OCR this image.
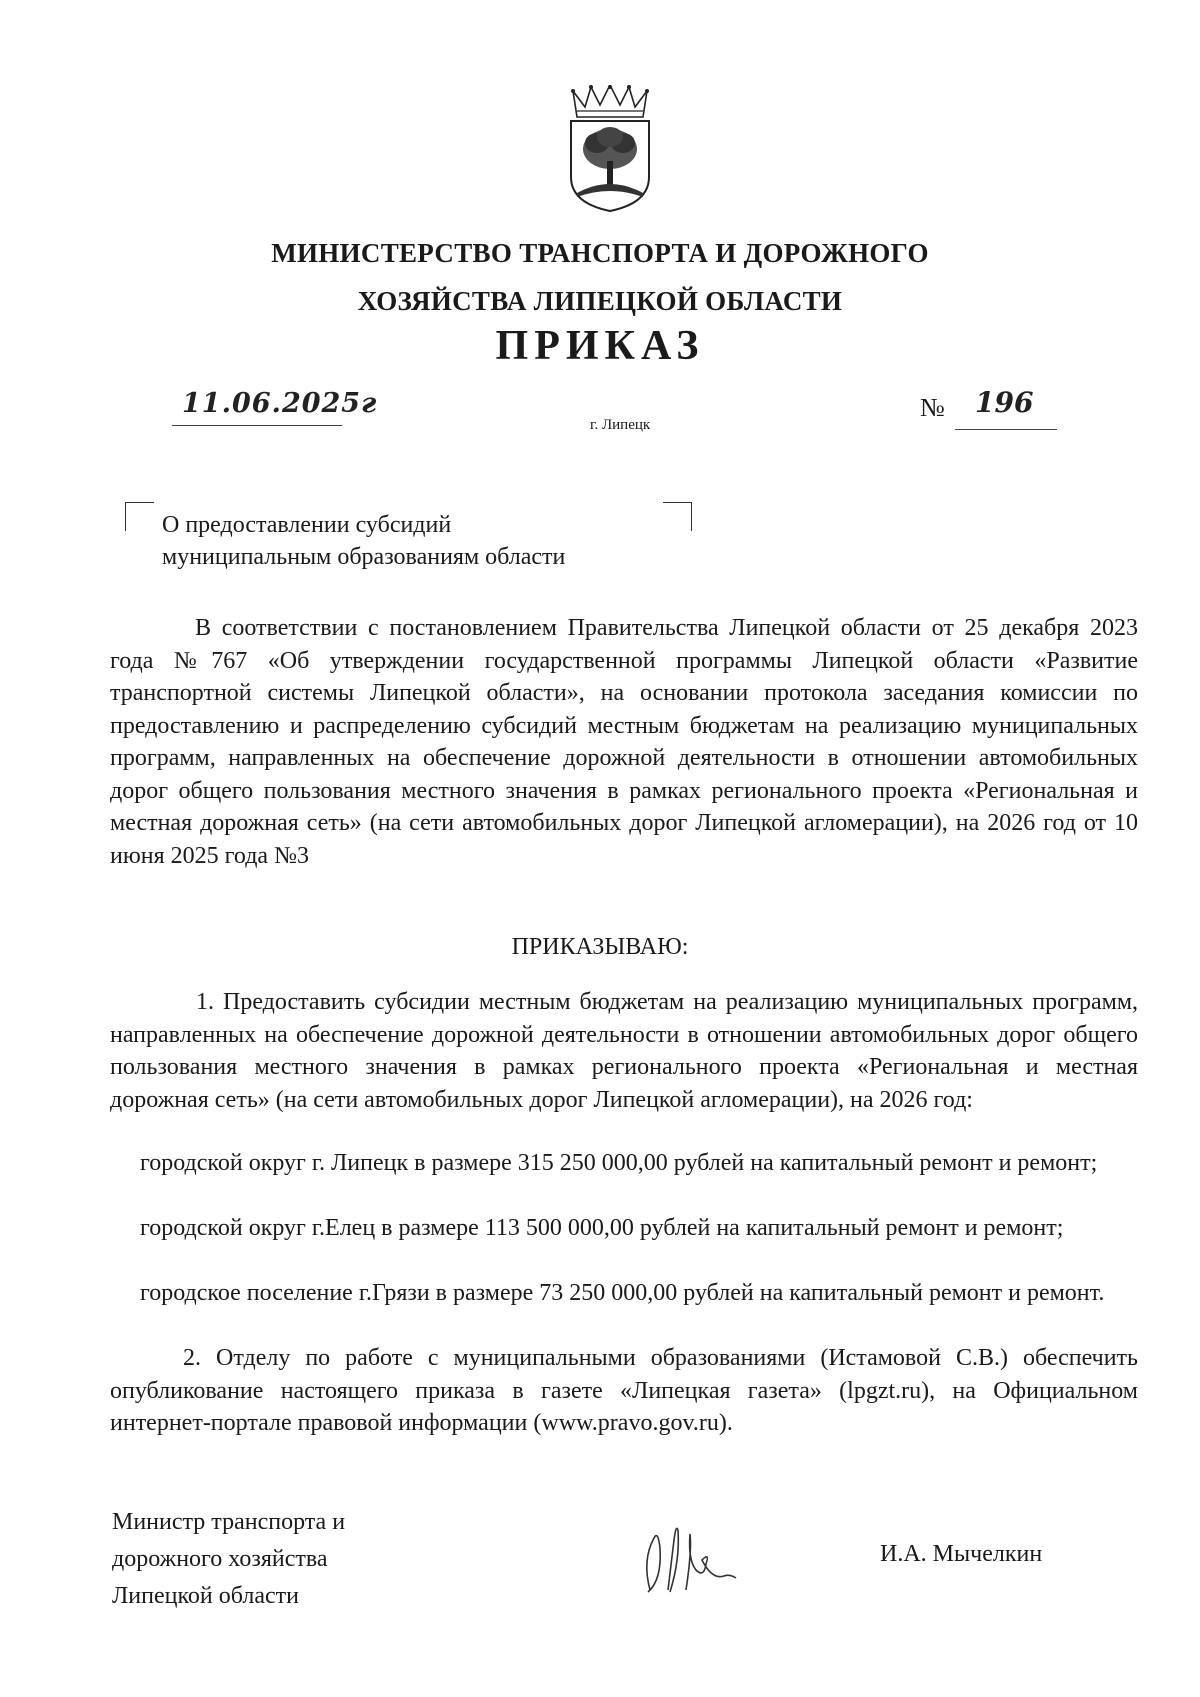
МИНИСТЕРСТВО ТРАНСПОРТА И ДОРОЖНОГО
ХОЗЯЙСТВА ЛИПЕЦКОЙ ОБЛАСТИ
ПРИКАЗ
11.06.2025г
г. Липецк
№ 196
О предоставлении субсидий
муниципальным образованиям области
В соответствии с постановлением Правительства Липецкой области от 25 декабря 2023 года №767 «Об утверждении государственной программы Липецкой области «Развитие транспортной системы Липецкой области», на основании протокола заседания комиссии по предоставлению и распределению субсидий местным бюджетам на реализацию муниципальных программ, направленных на обеспечение дорожной деятельности в отношении автомобильных дорог общего пользования местного значения в рамках регионального проекта «Региональная и местная дорожная сеть» (на сети автомобильных дорог Липецкой агломерации), на 2026 год от 10 июня 2025 года №3
ПРИКАЗЫВАЮ:
1. Предоставить субсидии местным бюджетам на реализацию муниципальных программ, направленных на обеспечение дорожной деятельности в отношении автомобильных дорог общего пользования местного значения в рамках регионального проекта «Региональная и местная дорожная сеть» (на сети автомобильных дорог Липецкой агломерации), на 2026 год:
городской округ г. Липецк в размере 315 250 000,00 рублей на капитальный ремонт и ремонт;
городской округ г.Елец в размере 113 500 000,00 рублей на капитальный ремонт и ремонт;
городское поселение г.Грязи в размере 73 250 000,00 рублей на капитальный ремонт и ремонт.
2. Отделу по работе с муниципальными образованиями (Истамовой С.В.) обеспечить опубликование настоящего приказа в газете «Липецкая газета» (lpgzt.ru), на Официальном интернет-портале правовой информации (www.pravo.gov.ru).
Министр транспорта и
дорожного хозяйства
Липецкой области
И.А. Мычелкин
